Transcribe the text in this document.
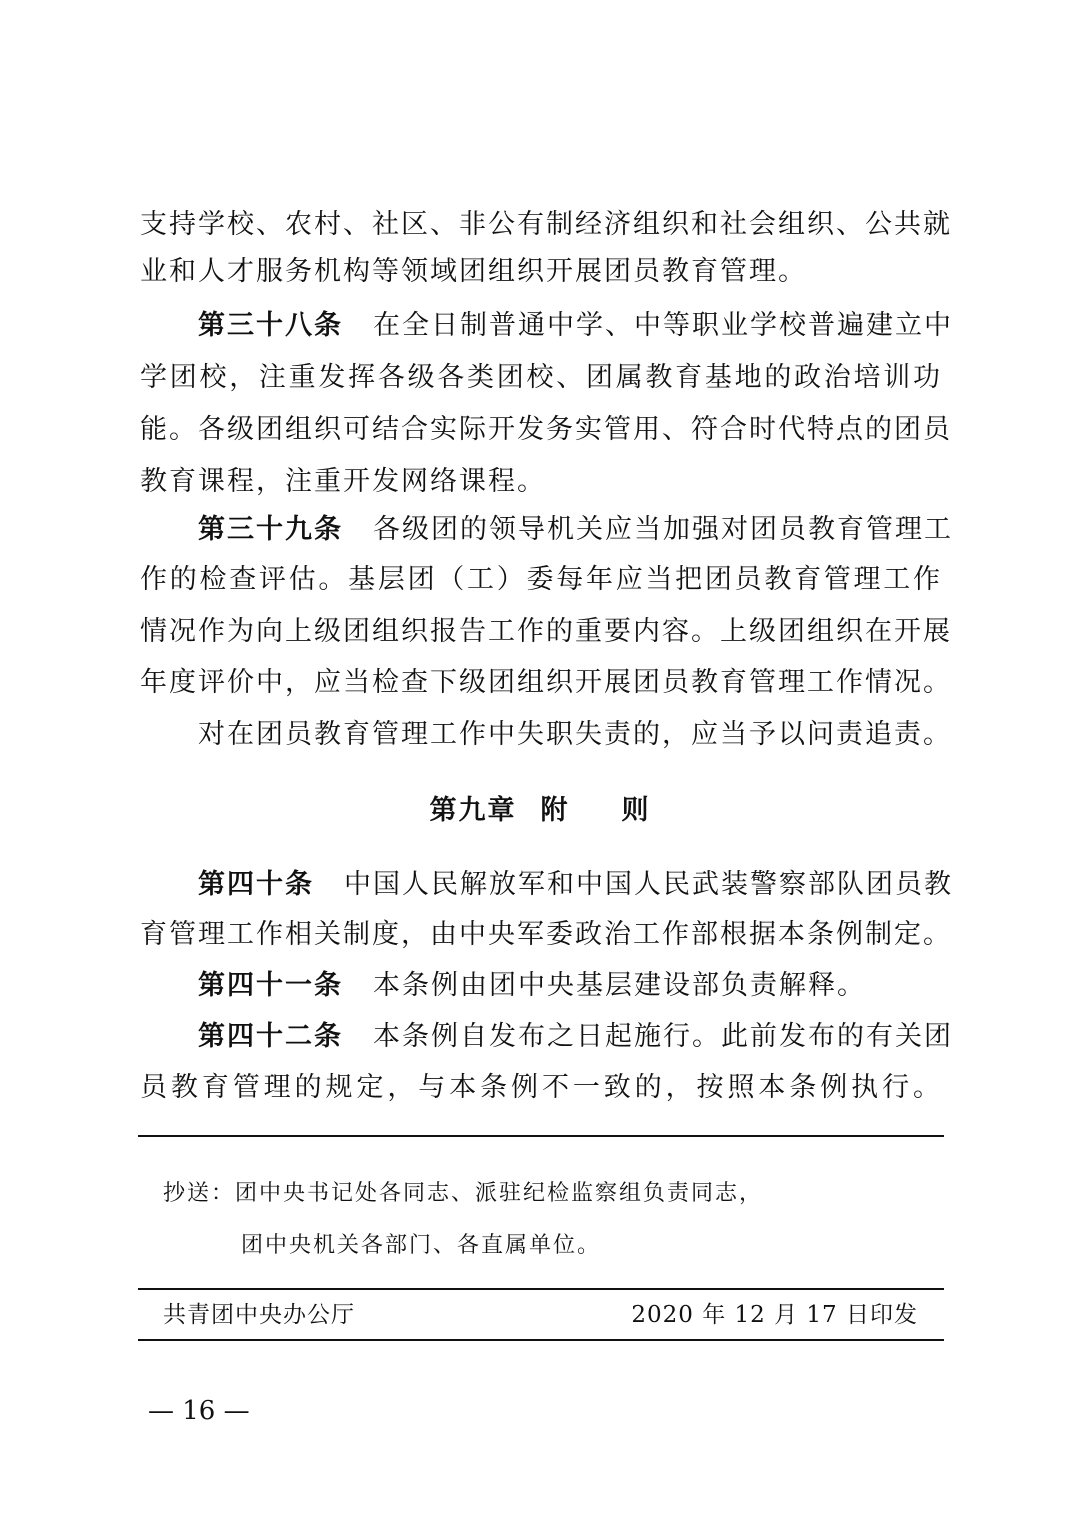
支持学校、农村、社区、非公有制经济组织和社会组织、公共就
业和人才服务机构等领域团组织开展团员教育管理。
第三十八条 在全日制普通中学、中等职业学校普遍建立中
学团校，注重发挥各级各类团校、团属教育基地的政治培训功
能。各级团组织可结合实际开发务实管用、符合时代特点的团员
教育课程，注重开发网络课程。
第三十九条 各级团的领导机关应当加强对团员教育管理工
作的检查评估。基层团（工）委每年应当把团员教育管理工作
情况作为向上级团组织报告工作的重要内容。上级团组织在开展
年度评价中，应当检查下级团组织开展团员教育管理工作情况。
对在团员教育管理工作中失职失责的，应当予以问责追责。
第九章 附 则
第四十条 中国人民解放军和中国人民武装警察部队团员教
育管理工作相关制度，由中央军委政治工作部根据本条例制定。
第四十一条 本条例由团中央基层建设部负责解释。
第四十二条 本条例自发布之日起施行。此前发布的有关团
员教育管理的规定，与本条例不一致的，按照本条例执行。
抄送：团中央书记处各同志、派驻纪检监察组负责同志，
团中央机关各部门、各直属单位。
共青团中央办公厅	2020 年 12 月 17 日印发
— 16 —
